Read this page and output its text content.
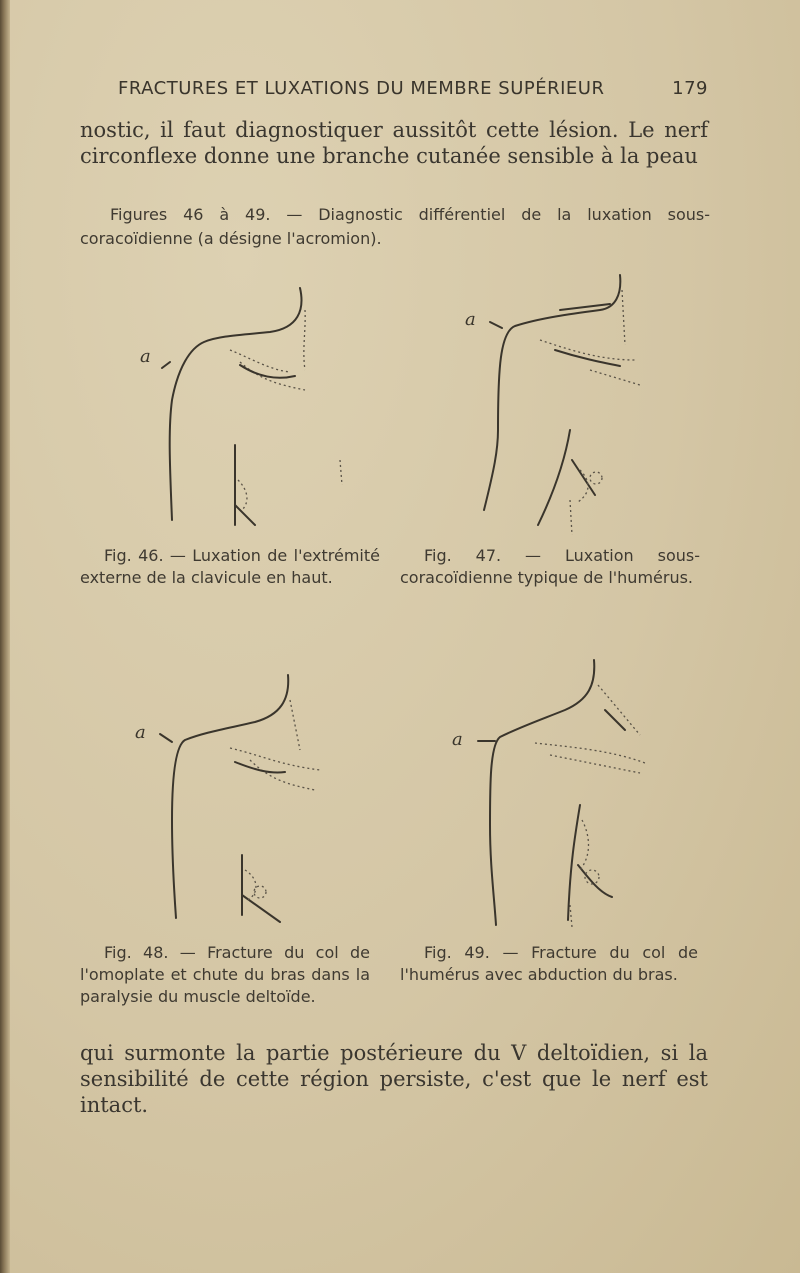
FRACTURES ET LUXATIONS DU MEMBRE SUPÉRIEUR	179

nostic, il faut diagnostiquer aussitôt cette lésion. Le nerf circonflexe donne une branche cutanée sensible à la peau

Figures 46 à 49. — Diagnostic différentiel de la luxation sous-coracoïdienne (a désigne l'acromion).

a

Fig. 46. — Luxation de l'extrémité externe de la clavicule en haut.

a

Fig. 47. — Luxation sous-coracoïdienne typique de l'humérus.

a

Fig. 48. — Fracture du col de l'omoplate et chute du bras dans la paralysie du muscle deltoïde.

a

Fig. 49. — Fracture du col de l'humérus avec abduction du bras.

qui surmonte la partie postérieure du V deltoïdien, si la sensibilité de cette région persiste, c'est que le nerf est intact.
